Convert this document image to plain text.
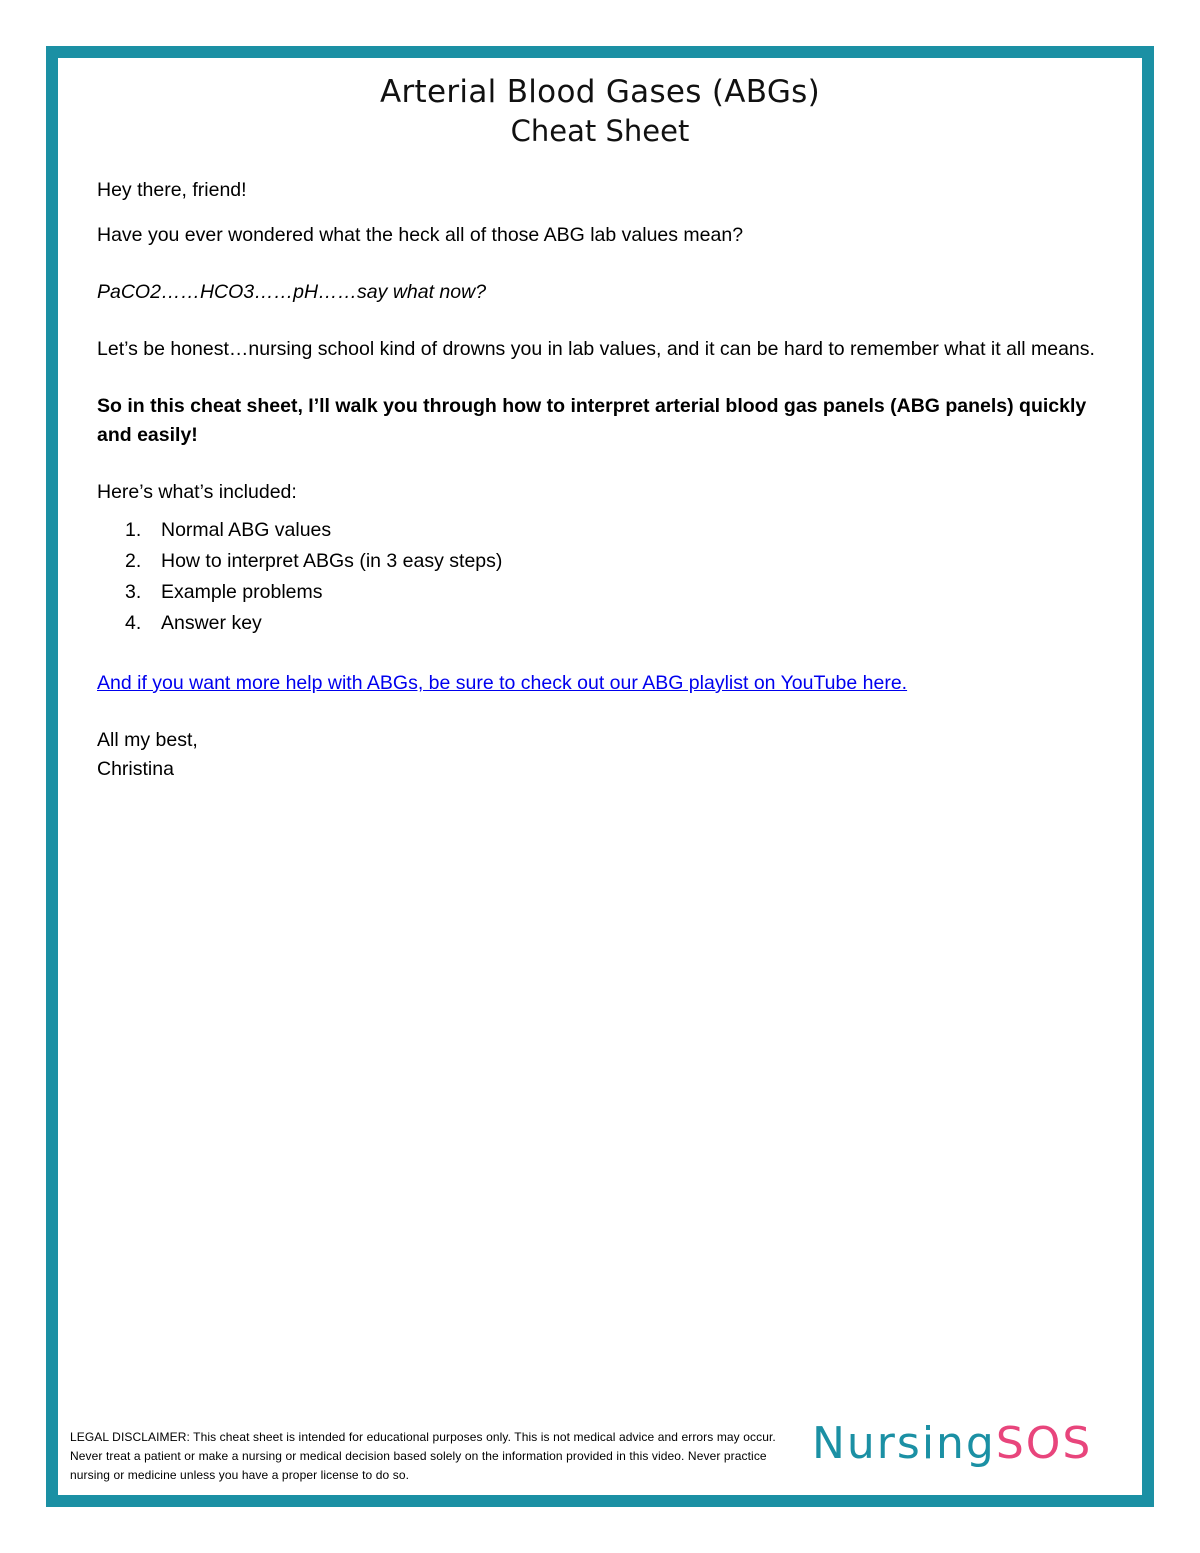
Arterial Blood Gases (ABGs)
Cheat Sheet

Hey there, friend!

Have you ever wondered what the heck all of those ABG lab values mean?

PaCO2……HCO3……pH……say what now?

Let’s be honest…nursing school kind of drowns you in lab values, and it can be hard to remember what it all means.

So in this cheat sheet, I’ll walk you through how to interpret arterial blood gas panels (ABG panels) quickly and easily!

Here’s what’s included:

1.	Normal ABG values
2.	How to interpret ABGs (in 3 easy steps)
3.	Example problems
4.	Answer key
And if you want more help with ABGs, be sure to check out our ABG playlist on YouTube here.

All my best,

Christina

LEGAL DISCLAIMER: This cheat sheet is intended for educational purposes only. This is not medical advice and errors may occur. Never treat a patient or make a nursing or medical decision based solely on the information provided in this video. Never practice nursing or medicine unless you have a proper license to do so.
NursingSOS
